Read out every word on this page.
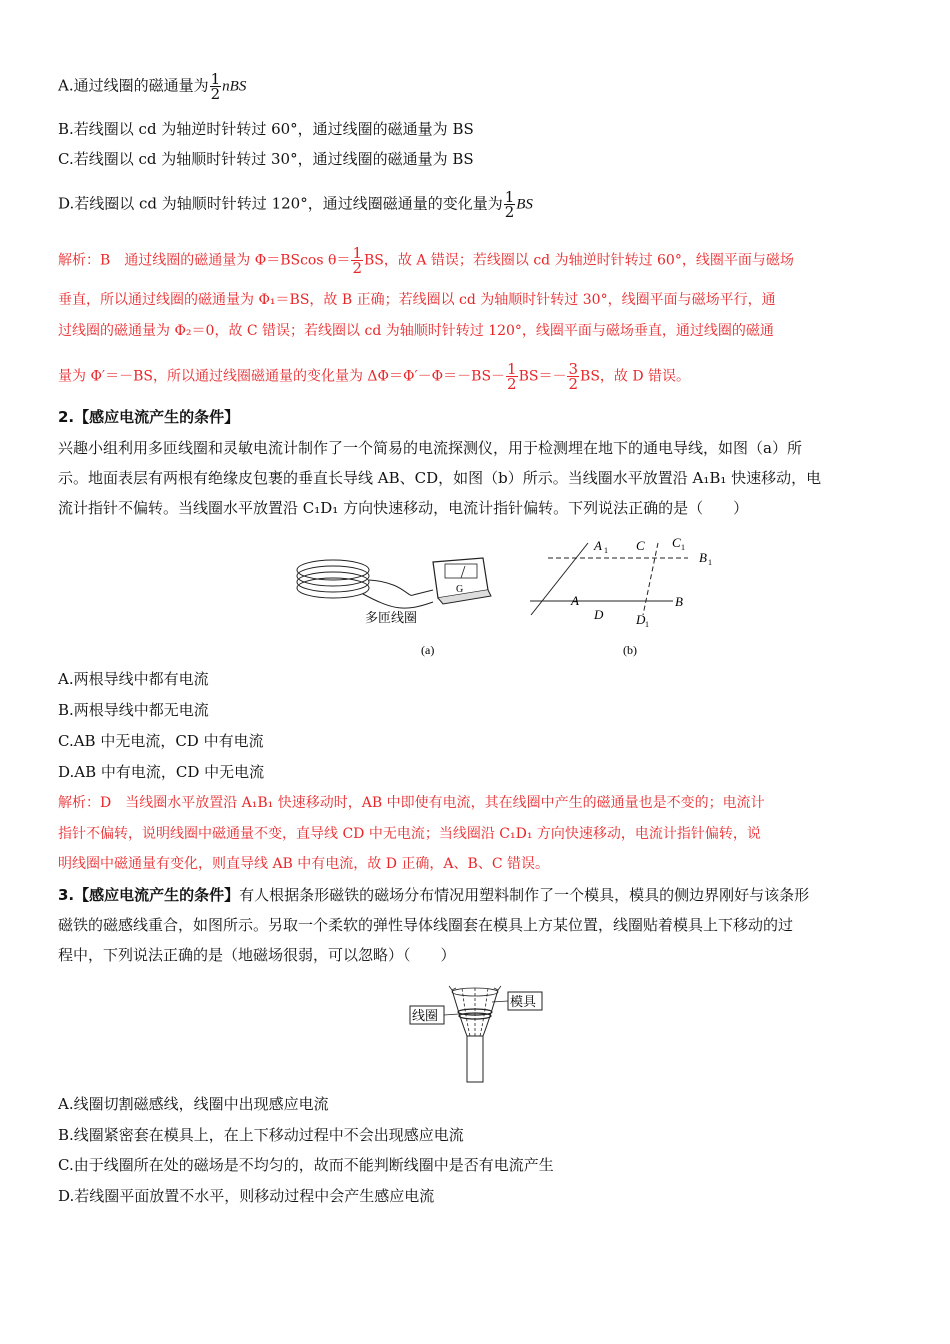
A.通过线圈的磁通量为 $\frac{1}{2}$ nBS
B.若线圈以 cd 为轴逆时针转过 60°，通过线圈的磁通量为 BS
C.若线圈以 cd 为轴顺时针转过 30°，通过线圈的磁通量为 BS
D.若线圈以 cd 为轴顺时针转过 120°，通过线圈磁通量的变化量为 $\frac{1}{2}$ BS
解析：B　通过线圈的磁通量为 Φ＝BScos $\theta= \frac{1}{2}$ BS，故 A 错误；若线圈以 cd 为轴逆时针转过 60°，线圈平面与磁场
垂直，所以通过线圈的磁通量为 Φ₁＝BS，故 B 正确；若线圈以 cd 为轴顺时针转过 30°，线圈平面与磁场平行，通
过线圈的磁通量为 Φ₂＝0，故 C 错误；若线圈以 cd 为轴顺时针转过 120°，线圈平面与磁场垂直，通过线圈的磁通
量为 Φ′＝－BS，所以通过线圈磁通量的变化量为 $\Delta\Phi=\Phi'-\Phi=-BS- \frac{1}{2} BS=- \frac{3}{2}$ BS，故 D 错误。
2.【感应电流产生的条件】
兴趣小组利用多匝线圈和灵敏电流计制作了一个简易的电流探测仪，用于检测埋在地下的通电导线，如图（a）所
示。地面表层有两根有绝缘皮包裹的垂直长导线 AB、CD，如图（b）所示。当线圈水平放置沿 A₁B₁ 快速移动，电
流计指针不偏转。当线圈水平放置沿 C₁D₁ 方向快速移动，电流计指针偏转。下列说法正确的是（　　）
G
多匝线圈
(a)
A 1 C C 1
B 1
A	B
D	D 1
(b)
A.两根导线中都有电流
B.两根导线中都无电流
C.AB 中无电流，CD 中有电流
D.AB 中有电流，CD 中无电流
解析：D　当线圈水平放置沿 A₁B₁ 快速移动时，AB 中即使有电流，其在线圈中产生的磁通量也是不变的；电流计
指针不偏转，说明线圈中磁通量不变，直导线 CD 中无电流；当线圈沿 C₁D₁ 方向快速移动，电流计指针偏转，说
明线圈中磁通量有变化，则直导线 AB 中有电流，故 D 正确，A、B、C 错误。
3.【感应电流产生的条件】有人根据条形磁铁的磁场分布情况用塑料制作了一个模具，模具的侧边界刚好与该条形
磁铁的磁感线重合，如图所示。另取一个柔软的弹性导体线圈套在模具上方某位置，线圈贴着模具上下移动的过
程中，下列说法正确的是（地磁场很弱，可以忽略）（　　）
线圈
模具
A.线圈切割磁感线，线圈中出现感应电流
B.线圈紧密套在模具上，在上下移动过程中不会出现感应电流
C.由于线圈所在处的磁场是不均匀的，故而不能判断线圈中是否有电流产生
D.若线圈平面放置不水平，则移动过程中会产生感应电流
